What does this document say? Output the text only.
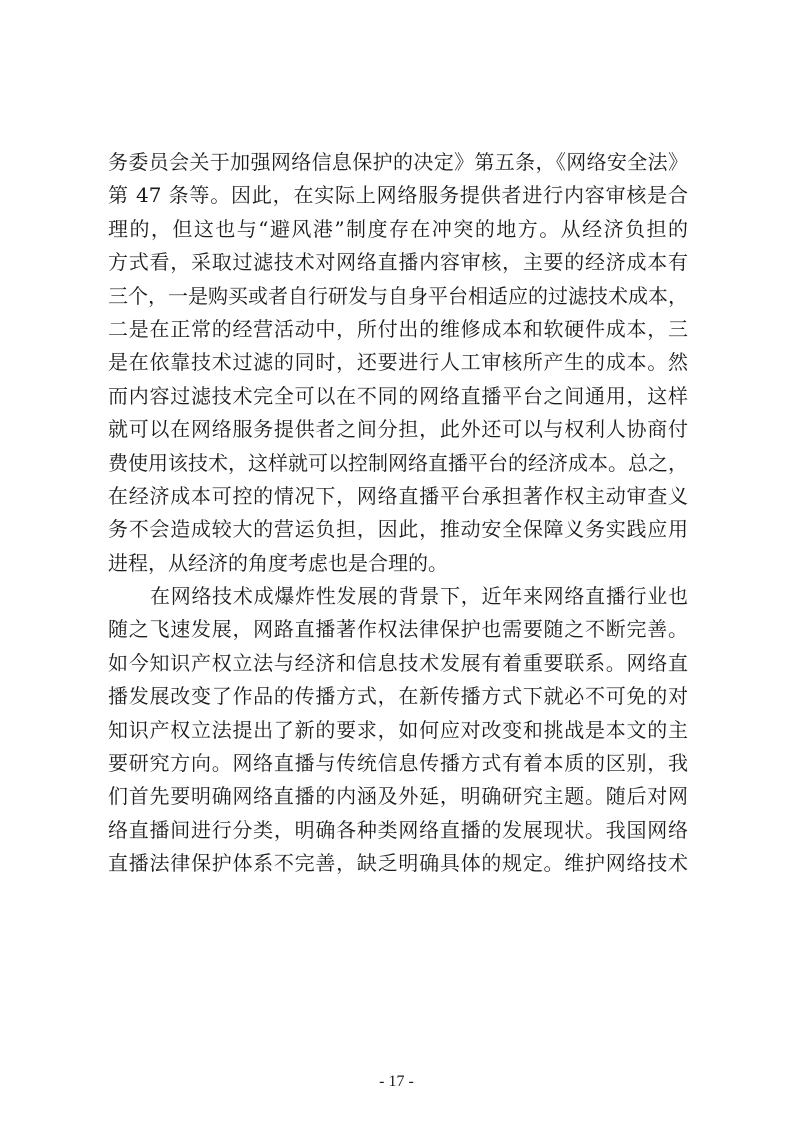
务委员会关于加强网络信息保护的决定》第五条，《网络安全法》
第 47 条等。因此，在实际上网络服务提供者进行内容审核是合
理的，但这也与“避风港”制度存在冲突的地方。从经济负担的
方式看，采取过滤技术对网络直播内容审核，主要的经济成本有
三个，一是购买或者自行研发与自身平台相适应的过滤技术成本，
二是在正常的经营活动中，所付出的维修成本和软硬件成本，三
是在依靠技术过滤的同时，还要进行人工审核所产生的成本。然
而内容过滤技术完全可以在不同的网络直播平台之间通用，这样
就可以在网络服务提供者之间分担，此外还可以与权利人协商付
费使用该技术，这样就可以控制网络直播平台的经济成本。总之，
在经济成本可控的情况下，网络直播平台承担著作权主动审查义
务不会造成较大的营运负担，因此，推动安全保障义务实践应用
进程，从经济的角度考虑也是合理的。
在网络技术成爆炸性发展的背景下，近年来网络直播行业也
随之飞速发展，网路直播著作权法律保护也需要随之不断完善。
如今知识产权立法与经济和信息技术发展有着重要联系。网络直
播发展改变了作品的传播方式，在新传播方式下就必不可免的对
知识产权立法提出了新的要求，如何应对改变和挑战是本文的主
要研究方向。网络直播与传统信息传播方式有着本质的区别，我
们首先要明确网络直播的内涵及外延，明确研究主题。随后对网
络直播间进行分类，明确各种类网络直播的发展现状。我国网络
直播法律保护体系不完善，缺乏明确具体的规定。维护网络技术
- 17 -
